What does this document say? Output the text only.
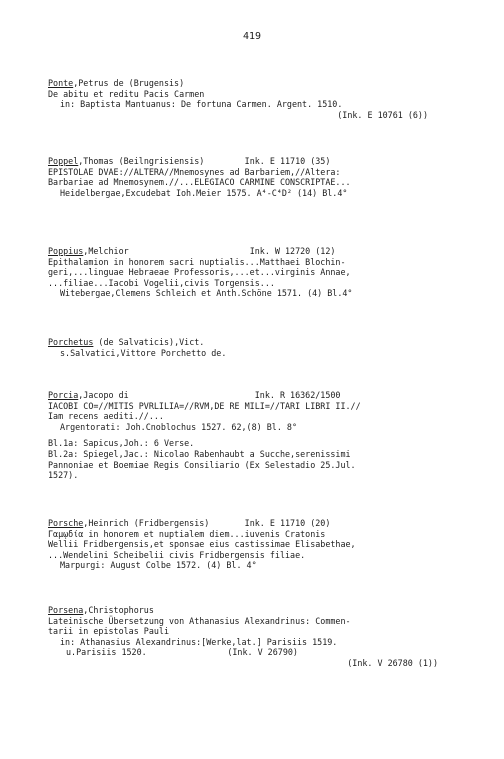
419
Ponte,Petrus de (Brugensis)
De abitu et reditu Pacis Carmen
in: Baptista Mantuanus: De fortuna Carmen. Argent. 1510.
(Ink. E 10761 (6))
Poppel,Thomas (Beilngrisiensis)        Ink. E 11710 (35)
EPISTOLAE DVAE://ALTERA//Mnemosynes ad Barbariem,//Altera:
Barbariae ad Mnemosynem.//...ELEGIACO CARMINE CONSCRIPTAE...
Heidelbergae,Excudebat Ioh.Meier 1575. A⁴-C⁴D² (14) Bl.4°
Poppius,Melchior                        Ink. W 12720 (12)
Epithalamion in honorem sacri nuptialis...Matthaei Blochin-
geri,...linguae Hebraeae Professoris,...et...virginis Annae,
...filiae...Iacobi Vogelii,civis Torgensis...
Witebergae,Clemens Schleich et Anth.Schöne 1571. (4) Bl.4°
Porchetus (de Salvaticis),Vict.
s.Salvatici,Vittore Porchetto de.
Porcia,Jacopo di                         Ink. R 16362/1500
IACOBI CO=//MITIS PVRLILIA=//RVM,DE RE MILI=//TARI LIBRI II.//
Iam recens aediti.//...
Argentorati: Joh.Cnoblochus 1527. 62,(8) Bl. 8°
Bl.1a: Sapicus,Joh.: 6 Verse.
Bl.2a: Spiegel,Jac.: Nicolao Rabenhaubt a Sucche,serenissimi
Pannoniae et Boemiae Regis Consiliario (Ex Selestadio 25.Jul.
1527).
Porsche,Heinrich (Fridbergensis)       Ink. E 11710 (20)
Γαμῳδία in honorem et nuptialem diem...iuvenis Cratonis
Wellii Fridbergensis,et sponsae eius castissimae Elisabethae,
...Wendelini Scheibelii civis Fridbergensis filiae.
Marpurgi: August Colbe 1572. (4) Bl. 4°
Porsena,Christophorus
Lateinische Übersetzung von Athanasius Alexandrinus: Commen-
tarii in epistolas Pauli
in: Athanasius Alexandrinus:[Werke,lat.] Parisiis 1519.
u.Parisiis 1520.                (Ink. V 26790)
(Ink. V 26780 (1))
